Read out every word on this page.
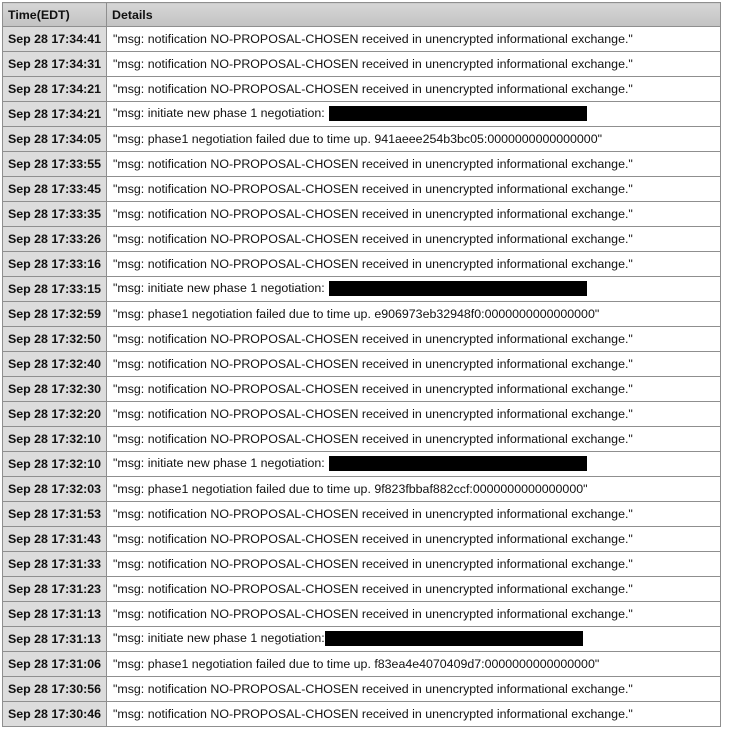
Time(EDT)	Details
Sep 28 17:34:41	"msg: notification NO-PROPOSAL-CHOSEN received in unencrypted informational exchange."
Sep 28 17:34:31	"msg: notification NO-PROPOSAL-CHOSEN received in unencrypted informational exchange."
Sep 28 17:34:21	"msg: notification NO-PROPOSAL-CHOSEN received in unencrypted informational exchange."
Sep 28 17:34:21	"msg: initiate new phase 1 negotiation:
Sep 28 17:34:05	"msg: phase1 negotiation failed due to time up. 941aeee254b3bc05:0000000000000000"
Sep 28 17:33:55	"msg: notification NO-PROPOSAL-CHOSEN received in unencrypted informational exchange."
Sep 28 17:33:45	"msg: notification NO-PROPOSAL-CHOSEN received in unencrypted informational exchange."
Sep 28 17:33:35	"msg: notification NO-PROPOSAL-CHOSEN received in unencrypted informational exchange."
Sep 28 17:33:26	"msg: notification NO-PROPOSAL-CHOSEN received in unencrypted informational exchange."
Sep 28 17:33:16	"msg: notification NO-PROPOSAL-CHOSEN received in unencrypted informational exchange."
Sep 28 17:33:15	"msg: initiate new phase 1 negotiation:
Sep 28 17:32:59	"msg: phase1 negotiation failed due to time up. e906973eb32948f0:0000000000000000"
Sep 28 17:32:50	"msg: notification NO-PROPOSAL-CHOSEN received in unencrypted informational exchange."
Sep 28 17:32:40	"msg: notification NO-PROPOSAL-CHOSEN received in unencrypted informational exchange."
Sep 28 17:32:30	"msg: notification NO-PROPOSAL-CHOSEN received in unencrypted informational exchange."
Sep 28 17:32:20	"msg: notification NO-PROPOSAL-CHOSEN received in unencrypted informational exchange."
Sep 28 17:32:10	"msg: notification NO-PROPOSAL-CHOSEN received in unencrypted informational exchange."
Sep 28 17:32:10	"msg: initiate new phase 1 negotiation:
Sep 28 17:32:03	"msg: phase1 negotiation failed due to time up. 9f823fbbaf882ccf:0000000000000000"
Sep 28 17:31:53	"msg: notification NO-PROPOSAL-CHOSEN received in unencrypted informational exchange."
Sep 28 17:31:43	"msg: notification NO-PROPOSAL-CHOSEN received in unencrypted informational exchange."
Sep 28 17:31:33	"msg: notification NO-PROPOSAL-CHOSEN received in unencrypted informational exchange."
Sep 28 17:31:23	"msg: notification NO-PROPOSAL-CHOSEN received in unencrypted informational exchange."
Sep 28 17:31:13	"msg: notification NO-PROPOSAL-CHOSEN received in unencrypted informational exchange."
Sep 28 17:31:13	"msg: initiate new phase 1 negotiation:
Sep 28 17:31:06	"msg: phase1 negotiation failed due to time up. f83ea4e4070409d7:0000000000000000"
Sep 28 17:30:56	"msg: notification NO-PROPOSAL-CHOSEN received in unencrypted informational exchange."
Sep 28 17:30:46	"msg: notification NO-PROPOSAL-CHOSEN received in unencrypted informational exchange."
